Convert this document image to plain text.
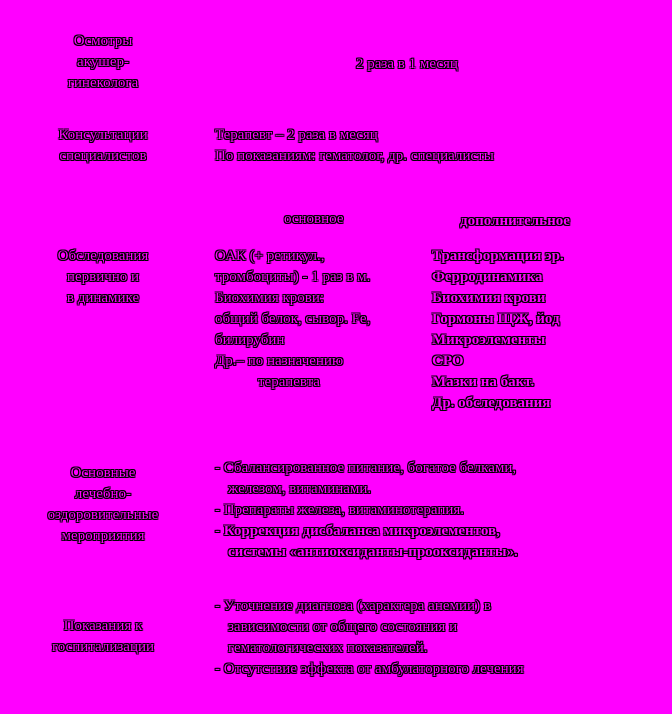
Осмотры
акушер-
гинеколога
2 раза в 1 месяц
Консультации
специалистов
Терапевт – 2 раза в месяц
По показаниям: гематолог, др. специалисты
основное	дополнительное
Обследования
первично и
в динамике
ОАК (+ ретикул.,
тромбоциты) - 1 раз в м.
Биохимия крови:
общий белок, сывор. Fe,
билирубин
Др.– по назначению
терапевта
Трансформация эр.
Ферродинамика
Биохимия крови
Гормоны ЩЖ, йод
Микроэлементы
СРО
Мазки на бакт.
Др. обследования
Основные
лечебно-
оздоровительные
мероприятия
- Сбалансированное питание, богатое белками,
железом, витаминами.
- Препараты железа, витаминотерапия.
- Коррекция дисбаланса микроэлементов,
системы «антиоксиданты-прооксиданты».
Показания к
госпитализации
- Уточнение диагноза (характера анемии) в
зависимости от общего состояния и
гематологических показателей.
- Отсутствие эффекта от амбулаторного лечения
